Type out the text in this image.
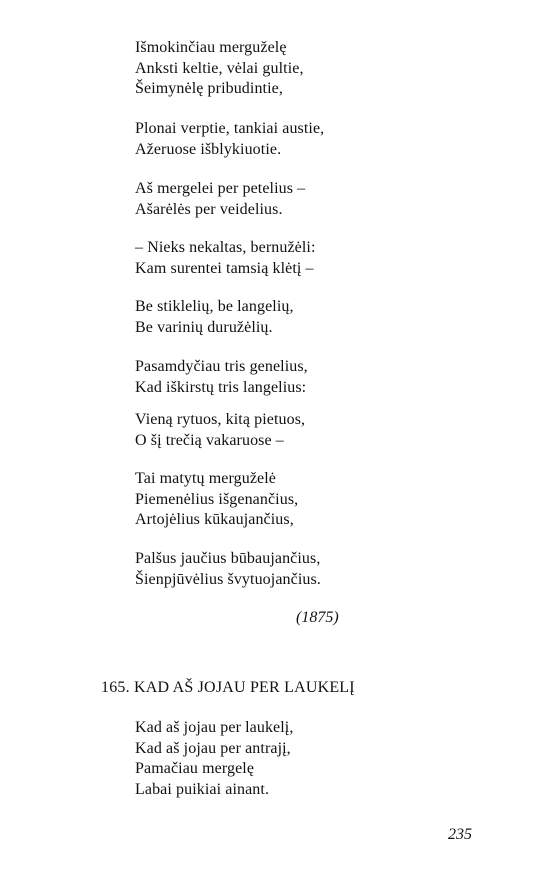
Išmokinčiau merguželę
Anksti keltie, vėlai gultie,
Šeimynėlę pribudintie,
Plonai verptie, tankiai austie,
Ažeruose išblykiuotie.
Aš mergelei per petelius –
Ašarėlės per veidelius.
– Nieks nekaltas, bernužėli:
Kam surentei tamsią klėtį –
Be stiklelių, be langelių,
Be varinių duružėlių.
Pasamdyčiau tris genelius,
Kad iškirstų tris langelius:
Vieną rytuos, kitą pietuos,
O šį trečią vakaruose –
Tai matytų merguželė
Piemenėlius išgenančius,
Artojėlius kūkaujančius,
Palšus jaučius būbaujančius,
Šienpjūvėlius švytuojančius.
(1875)
165. KAD AŠ JOJAU PER LAUKELĮ
Kad aš jojau per laukelį,
Kad aš jojau per antrajį,
Pamačiau mergelę
Labai puikiai ainant.
235
